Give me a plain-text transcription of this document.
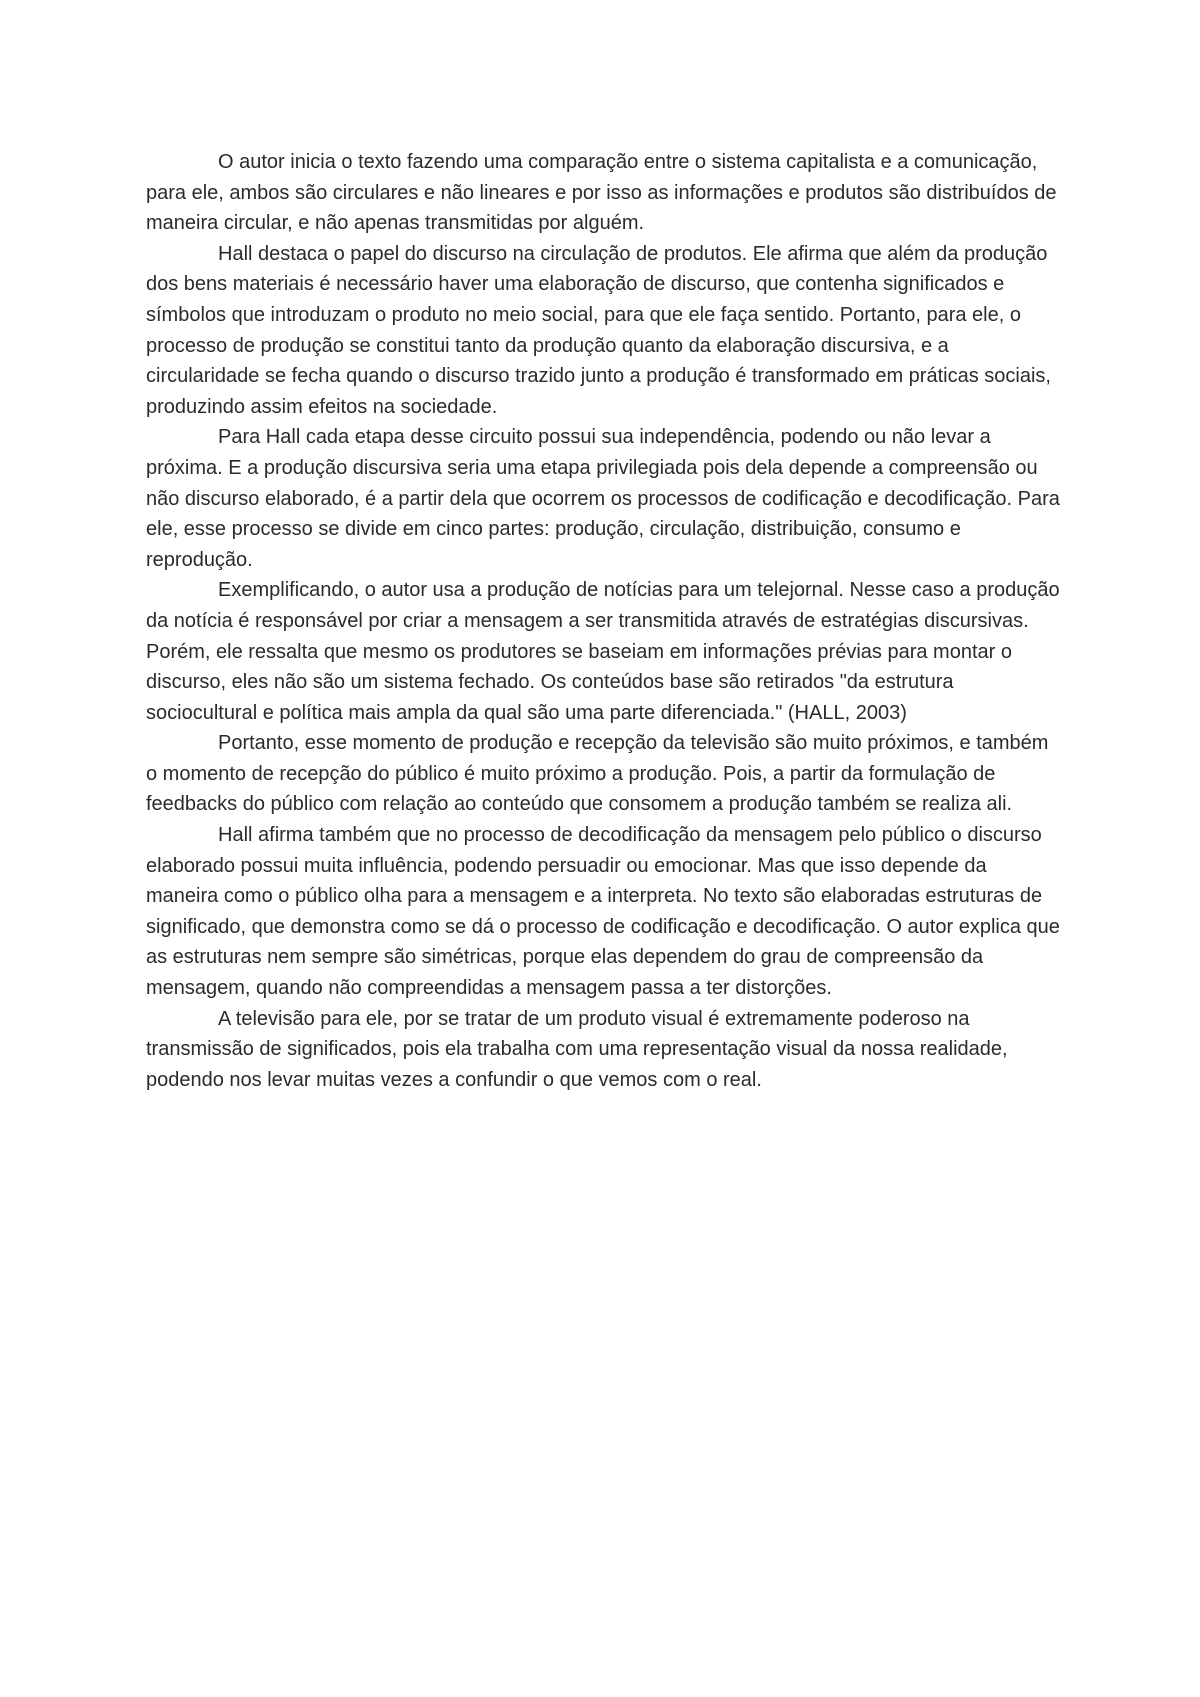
O autor inicia o texto fazendo uma comparação entre o sistema capitalista e a comunicação, para ele, ambos são circulares e não lineares e por isso as informações e produtos são distribuídos de maneira circular, e não apenas transmitidas por alguém.

Hall destaca o papel do discurso na circulação de produtos. Ele afirma que além da produção dos bens materiais é necessário haver uma elaboração de discurso, que contenha significados e símbolos que introduzam o produto no meio social, para que ele faça sentido. Portanto, para ele, o processo de produção se constitui tanto da produção quanto da elaboração discursiva, e a circularidade se fecha quando o discurso trazido junto a produção é transformado em práticas sociais, produzindo assim efeitos na sociedade.

Para Hall cada etapa desse circuito possui sua independência, podendo ou não levar a próxima. E a produção discursiva seria uma etapa privilegiada pois dela depende a compreensão ou não discurso elaborado, é a partir dela que ocorrem os processos de codificação e decodificação. Para ele, esse processo se divide em cinco partes: produção, circulação, distribuição, consumo e reprodução.

Exemplificando, o autor usa a produção de notícias para um telejornal. Nesse caso a produção da notícia é responsável por criar a mensagem a ser transmitida através de estratégias discursivas. Porém, ele ressalta que mesmo os produtores se baseiam em informações prévias para montar o discurso, eles não são um sistema fechado. Os conteúdos base são retirados "da estrutura sociocultural e política mais ampla da qual são uma parte diferenciada." (HALL, 2003)

Portanto, esse momento de produção e recepção da televisão são muito próximos, e também o momento de recepção do público é muito próximo a produção. Pois, a partir da formulação de feedbacks do público com relação ao conteúdo que consomem a produção também se realiza ali.

Hall afirma também que no processo de decodificação da mensagem pelo público o discurso elaborado possui muita influência, podendo persuadir ou emocionar. Mas que isso depende da maneira como o público olha para a mensagem e a interpreta. No texto são elaboradas estruturas de significado, que demonstra como se dá o processo de codificação e decodificação. O autor explica que as estruturas nem sempre são simétricas, porque elas dependem do grau de compreensão da mensagem, quando não compreendidas a mensagem passa a ter distorções.

A televisão para ele, por se tratar de um produto visual é extremamente poderoso na transmissão de significados, pois ela trabalha com uma representação visual da nossa realidade, podendo nos levar muitas vezes a confundir o que vemos com o real.
